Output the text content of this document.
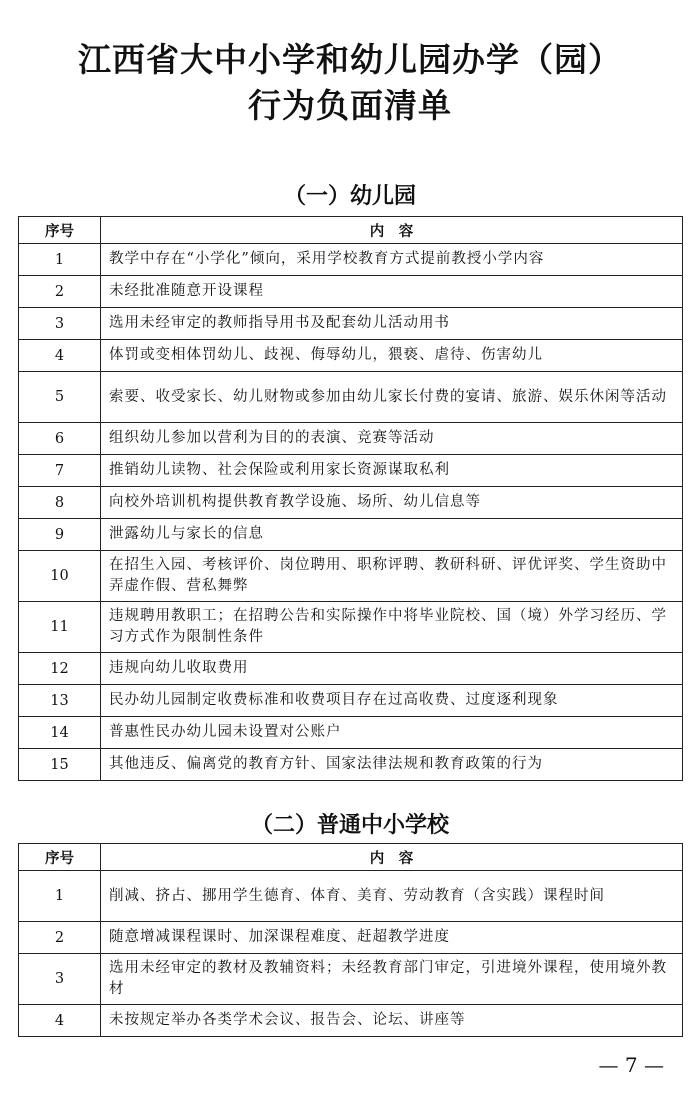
江西省大中小学和幼儿园办学（园）
行为负面清单
（一）幼儿园
序号	内　容
1	教学中存在“小学化”倾向，采用学校教育方式提前教授小学内容
2	未经批准随意开设课程
3	选用未经审定的教师指导用书及配套幼儿活动用书
4	体罚或变相体罚幼儿、歧视、侮辱幼儿，猥亵、虐待、伤害幼儿
5	索要、收受家长、幼儿财物或参加由幼儿家长付费的宴请、旅游、娱乐休闲等活动
6	组织幼儿参加以营利为目的的表演、竞赛等活动
7	推销幼儿读物、社会保险或利用家长资源谋取私利
8	向校外培训机构提供教育教学设施、场所、幼儿信息等
9	泄露幼儿与家长的信息
10	在招生入园、考核评价、岗位聘用、职称评聘、教研科研、评优评奖、学生资助中弄虚作假、营私舞弊
11	违规聘用教职工；在招聘公告和实际操作中将毕业院校、国（境）外学习经历、学习方式作为限制性条件
12	违规向幼儿收取费用
13	民办幼儿园制定收费标准和收费项目存在过高收费、过度逐利现象
14	普惠性民办幼儿园未设置对公账户
15	其他违反、偏离党的教育方针、国家法律法规和教育政策的行为
（二）普通中小学校
序号	内　容
1	削减、挤占、挪用学生德育、体育、美育、劳动教育（含实践）课程时间
2	随意增减课程课时、加深课程难度、赶超教学进度
3	选用未经审定的教材及教辅资料；未经教育部门审定，引进境外课程，使用境外教材
4	未按规定举办各类学术会议、报告会、论坛、讲座等
— 7 —
